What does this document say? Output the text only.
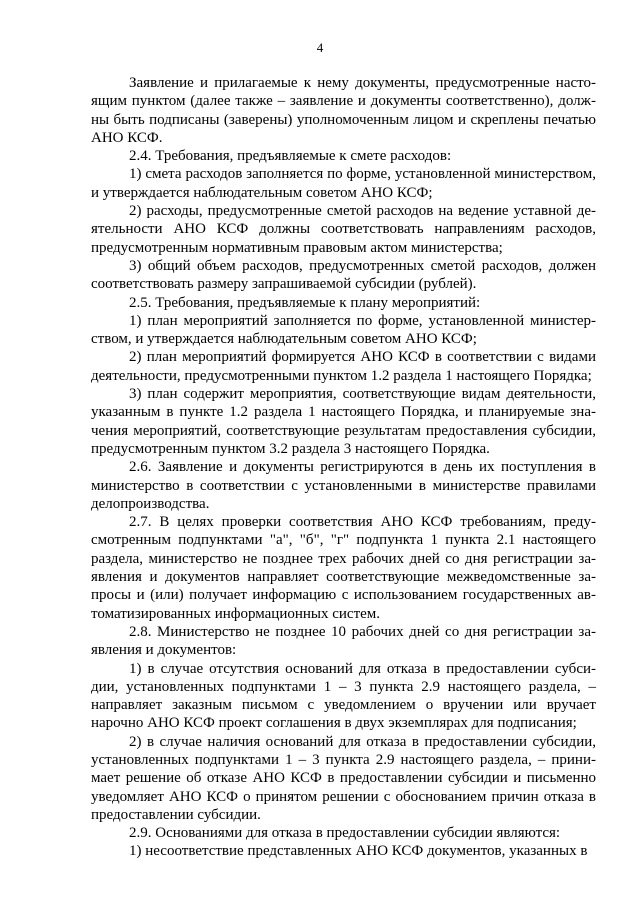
4

Заявление и прилагаемые к нему документы, предусмотренные настоящим пунктом (далее также – заявление и документы соответственно), должны быть подписаны (заверены) уполномоченным лицом и скреплены печатью АНО КСФ.

2.4. Требования, предъявляемые к смете расходов:

1) смета расходов заполняется по форме, установленной министерством, и утверждается наблюдательным советом АНО КСФ;

2) расходы, предусмотренные сметой расходов на ведение уставной деятельности АНО КСФ должны соответствовать направлениям расходов, предусмотренным нормативным правовым актом министерства;

3) общий объем расходов, предусмотренных сметой расходов, должен соответствовать размеру запрашиваемой субсидии (рублей).

2.5. Требования, предъявляемые к плану мероприятий:

1) план мероприятий заполняется по форме, установленной министерством, и утверждается наблюдательным советом АНО КСФ;

2) план мероприятий формируется АНО КСФ в соответствии с видами деятельности, предусмотренными пунктом 1.2 раздела 1 настоящего Порядка;

3) план содержит мероприятия, соответствующие видам деятельности, указанным в пункте 1.2 раздела 1 настоящего Порядка, и планируемые значения мероприятий, соответствующие результатам предоставления субсидии, предусмотренным пунктом 3.2 раздела 3 настоящего Порядка.

2.6. Заявление и документы регистрируются в день их поступления в министерство в соответствии с установленными в министерстве правилами делопроизводства.

2.7. В целях проверки соответствия АНО КСФ требованиям, предусмотренным подпунктами "а", "б", "г" подпункта 1 пункта 2.1 настоящего раздела, министерство не позднее трех рабочих дней со дня регистрации заявления и документов направляет соответствующие межведомственные запросы и (или) получает информацию с использованием государственных автоматизированных информационных систем.

2.8. Министерство не позднее 10 рабочих дней со дня регистрации заявления и документов:

1) в случае отсутствия оснований для отказа в предоставлении субсидии, установленных подпунктами 1 – 3 пункта 2.9 настоящего раздела, – направляет заказным письмом с уведомлением о вручении или вручает нарочно АНО КСФ проект соглашения в двух экземплярах для подписания;

2) в случае наличия оснований для отказа в предоставлении субсидии, установленных подпунктами 1 – 3 пункта 2.9 настоящего раздела, – принимает решение об отказе АНО КСФ в предоставлении субсидии и письменно уведомляет АНО КСФ о принятом решении с обоснованием причин отказа в предоставлении субсидии.

2.9. Основаниями для отказа в предоставлении субсидии являются:

1) несоответствие представленных АНО КСФ документов, указанных в
